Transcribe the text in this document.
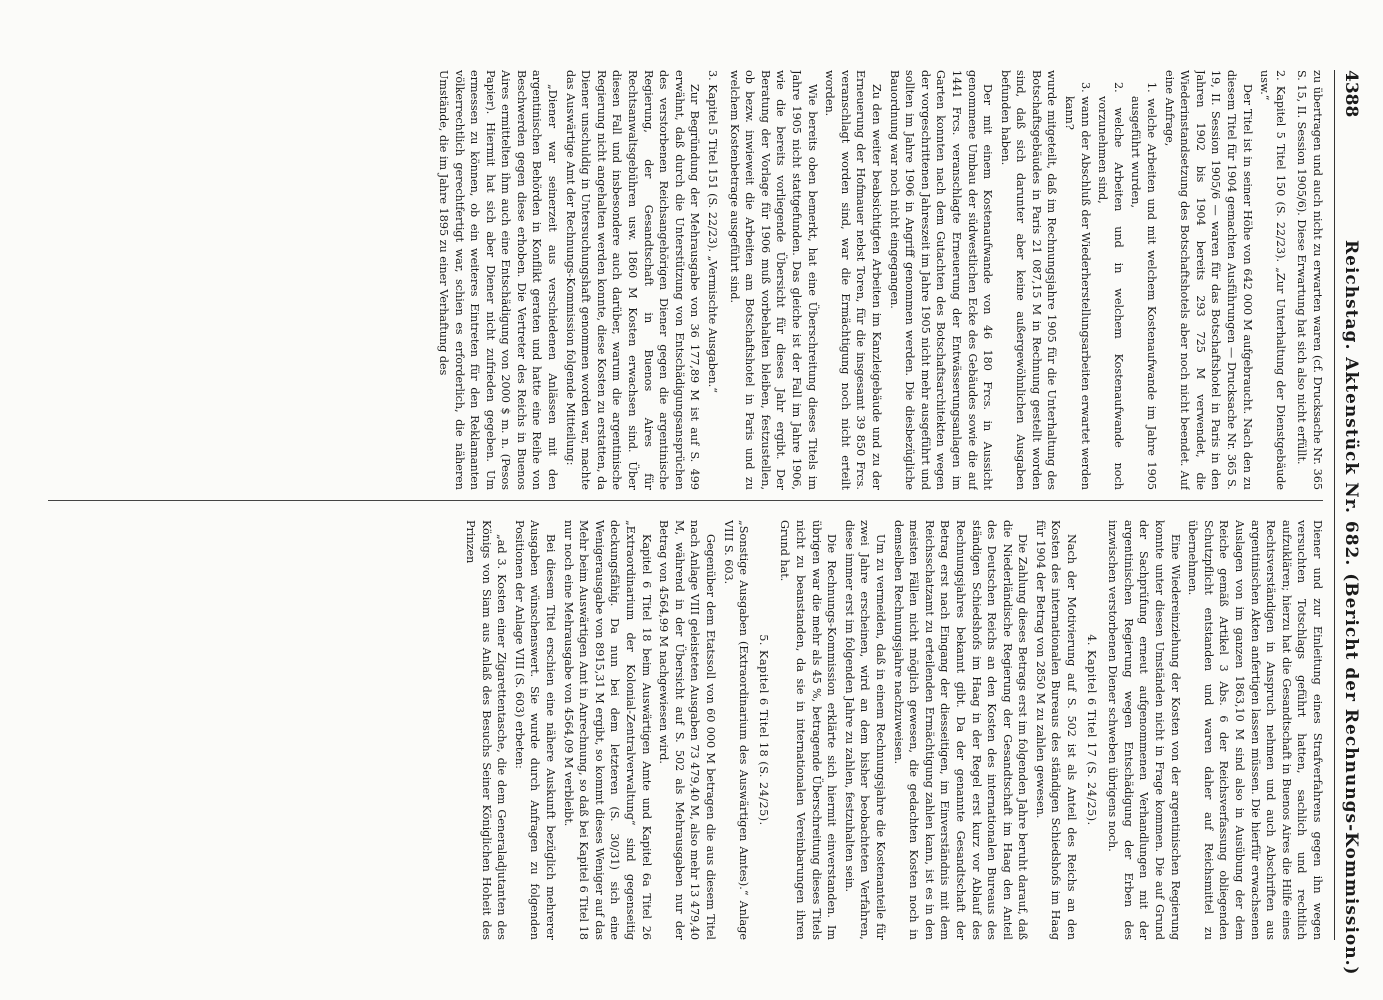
4388
Reichstag. Aktenstück Nr. 682. (Bericht der Rechnungs-Kommission.)

zu übertragen und auch nicht zu erwarten waren (cf. Drucksache Nr. 365 S. 15, II. Session 1905/6). Diese Erwartung hat sich also nicht erfüllt.

2. Kapitel 5 Titel 150 (S. 22/23). „Zur Unterhaltung der Dienstgebäude usw.“

Der Titel ist in seiner Höhe von 642 000 M aufgebraucht. Nach den zu diesem Titel für 1904 gemachten Ausführungen — Drucksache Nr. 365 S. 19, II. Session 1905/6 — waren für das Botschaftshotel in Paris in den Jahren 1902 bis 1904 bereits 293 725 M verwendet, die Wiederinstandsetzung des Botschaftshotels aber noch nicht beendet. Auf eine Anfrage,

1. welche Arbeiten und mit welchem Kostenaufwande im Jahre 1905 ausgeführt wurden,

2. welche Arbeiten und in welchem Kostenaufwande noch vorzunehmen sind,

3. wann der Abschluß der Wiederherstellungsarbeiten erwartet werden kann?

wurde mitgeteilt, daß im Rechnungsjahre 1905 für die Unterhaltung des Botschaftsgebäudes in Paris 21 087,15 M in Rechnung gestellt worden sind, daß sich darunter aber keine außergewöhnlichen Ausgaben befunden haben.

Der mit einem Kostenaufwande von 46 180 Frcs. in Aussicht genommene Umbau der südwestlichen Ecke des Gebäudes sowie die auf 1441 Frcs. veranschlagte Erneuerung der Entwässerungsanlagen im Garten konnten nach dem Gutachten des Botschaftsarchitekten wegen der vorgeschrittenen Jahreszeit im Jahre 1905 nicht mehr ausgeführt und sollten im Jahre 1906 in Angriff genommen werden. Die diesbezügliche Bauordnung war noch nicht eingegangen.

Zu den weiter beabsichtigten Arbeiten im Kanzleigebäude und zu der Erneuerung der Hofmauer nebst Toren, für die insgesamt 39 850 Frcs. veranschlagt worden sind, war die Ermächtigung noch nicht erteilt worden.

Wie bereits oben bemerkt, hat eine Überschreitung dieses Titels im Jahre 1905 nicht stattgefunden. Das gleiche ist der Fall im Jahre 1906, wie die bereits vorliegende Übersicht für dieses Jahr ergibt. Der Beratung der Vorlage für 1906 muß vorbehalten bleiben, festzustellen, ob bezw. inwieweit die Arbeiten am Botschaftshotel in Paris und zu welchem Kostenbetrage ausgeführt sind.

3. Kapitel 5 Titel 151 (S. 22/23). „Vermischte Ausgaben.“

Zur Begründung der Mehrausgabe von 36 177,89 M ist auf S. 499 erwähnt, daß durch die Unterstützung von Entschädigungsansprüchen des verstorbenen Reichsangehörigen Diener gegen die argentinische Regierung, der Gesandtschaft in Buenos Aires für Rechtsanwaltsgebühren usw. 1860 M Kosten erwachsen sind. Über diesen Fall und insbesondere auch darüber, warum die argentinische Regierung nicht angehalten werden konnte, diese Kosten zu erstatten, da Diener unschuldig in Untersuchungshaft genommen worden war, machte das Auswärtige Amt der Rechnungs-Kommission folgende Mitteilung:

„Diener war seinerzeit aus verschiedenen Anlässen mit den argentinischen Behörden in Konflikt geraten und hatte eine Reihe von Beschwerden gegen diese erhoben. Die Vertreter des Reichs in Buenos Aires ermittelten ihm auch eine Entschädigung von 2000 $ m. n. (Pesos Papier). Hiermit hat sich aber Diener nicht zufrieden gegeben. Um ermessen zu können, ob ein weiteres Eintreten für den Reklamanten völkerrechtlich gerechtfertigt war, schien es erforderlich, die näheren Umstände, die im Jahre 1895 zu einer Verhaftung des

Diener und zur Einleitung eines Strafverfahrens gegen ihn wegen versuchten Totschlags geführt hatten, sachlich und rechtlich aufzuklären; hierzu hat die Gesandtschaft in Buenos Aires die Hilfe eines Rechtsverständigen in Anspruch nehmen und auch Abschriften aus argentinischen Akten anfertigen lassen müssen. Die hierfür erwachsenen Auslagen von im ganzen 1863,10 M sind also in Ausübung der dem Reiche gemäß Artikel 3 Abs. 6 der Reichsverfassung obliegenden Schutzpflicht entstanden und waren daher auf Reichsmittel zu übernehmen.

Eine Wiedereinziehung der Kosten von der argentinischen Regierung konnte unter diesen Umständen nicht in Frage kommen. Die auf Grund der Sachprüfung erneut aufgenommenen Verhandlungen mit der argentinischen Regierung wegen Entschädigung der Erben des inzwischen verstorbenen Diener schweben übrigens noch.

4. Kapitel 6 Titel 17 (S. 24/25).

Nach der Motivierung auf S. 502 ist als Anteil des Reichs an den Kosten des internationalen Bureaus des ständigen Schiedshofs im Haag für 1904 der Betrag von 2850 M zu zahlen gewesen.

Die Zahlung dieses Betrags erst im folgenden Jahre beruht darauf, daß die Niederländische Regierung der Gesandtschaft im Haag den Anteil des Deutschen Reichs an den Kosten des internationalen Bureaus des ständigen Schiedshofs im Haag in der Regel erst kurz vor Ablauf des Rechnungsjahres bekannt gibt. Da der genannte Gesandtschaft der Betrag erst nach Eingang der diesseitigen, im Einverständnis mit dem Reichsschatzamt zu erteilenden Ermächtigung zahlen kann, ist es in den meisten Fällen nicht möglich gewesen, die gedachten Kosten noch in demselben Rechnungsjahre nachzuweisen.

Um zu vermeiden, daß in einem Rechnungsjahre die Kostenanteile für zwei Jahre erscheinen, wird an dem bisher beobachteten Verfahren, diese immer erst im folgenden Jahre zu zahlen, festzuhalten sein.

Die Rechnungs-Kommission erklärte sich hiermit einverstanden. Im übrigen war die mehr als 45 %, betragende Überschreitung dieses Titels nicht zu beanstanden, da sie in internationalen Vereinbarungen ihren Grund hat.

5. Kapitel 6 Titel 18 (S. 24/25).

„Sonstige Ausgaben (Extraordinarium des Auswärtigen Amtes).“ Anlage VIII S. 603.

Gegenüber dem Etatssoll von 60 000 M betragen die aus diesem Titel nach Anlage VIII geleisteten Ausgaben 73 479,40 M, also mehr 13 479,40 M, während in der Übersicht auf S. 502 als Mehrausgaben nur der Betrag von 4564,99 M nachgewiesen wird.

Kapitel 6 Titel 18 beim Auswärtigen Amte und Kapitel 6a Titel 26 „Extraordinarium der Kolonial-Zentralverwaltung“ sind gegenseitig deckungsfähig. Da nun bei dem letzteren (S. 30/31) sich eine Wenigerausgabe von 8915,31 M ergibt, so kommt dieses Weniger auf das Mehr beim Auswärtigen Amt in Anrechnung, so daß bei Kapitel 6 Titel 18 nur noch eine Mehrausgabe von 4564,09 M verbleibt.

Bei diesem Titel erschien eine nähere Auskunft bezüglich mehrerer Ausgaben wünschenswert. Sie wurde durch Anfragen zu folgenden Positionen der Anlage VIII (S. 603) erbeten:

„ad 3. Kosten einer Zigarettentasche, die dem Generaladjutanten des Königs von Siam aus Anlaß des Besuchs Seiner Königlichen Hoheit des Prinzen
